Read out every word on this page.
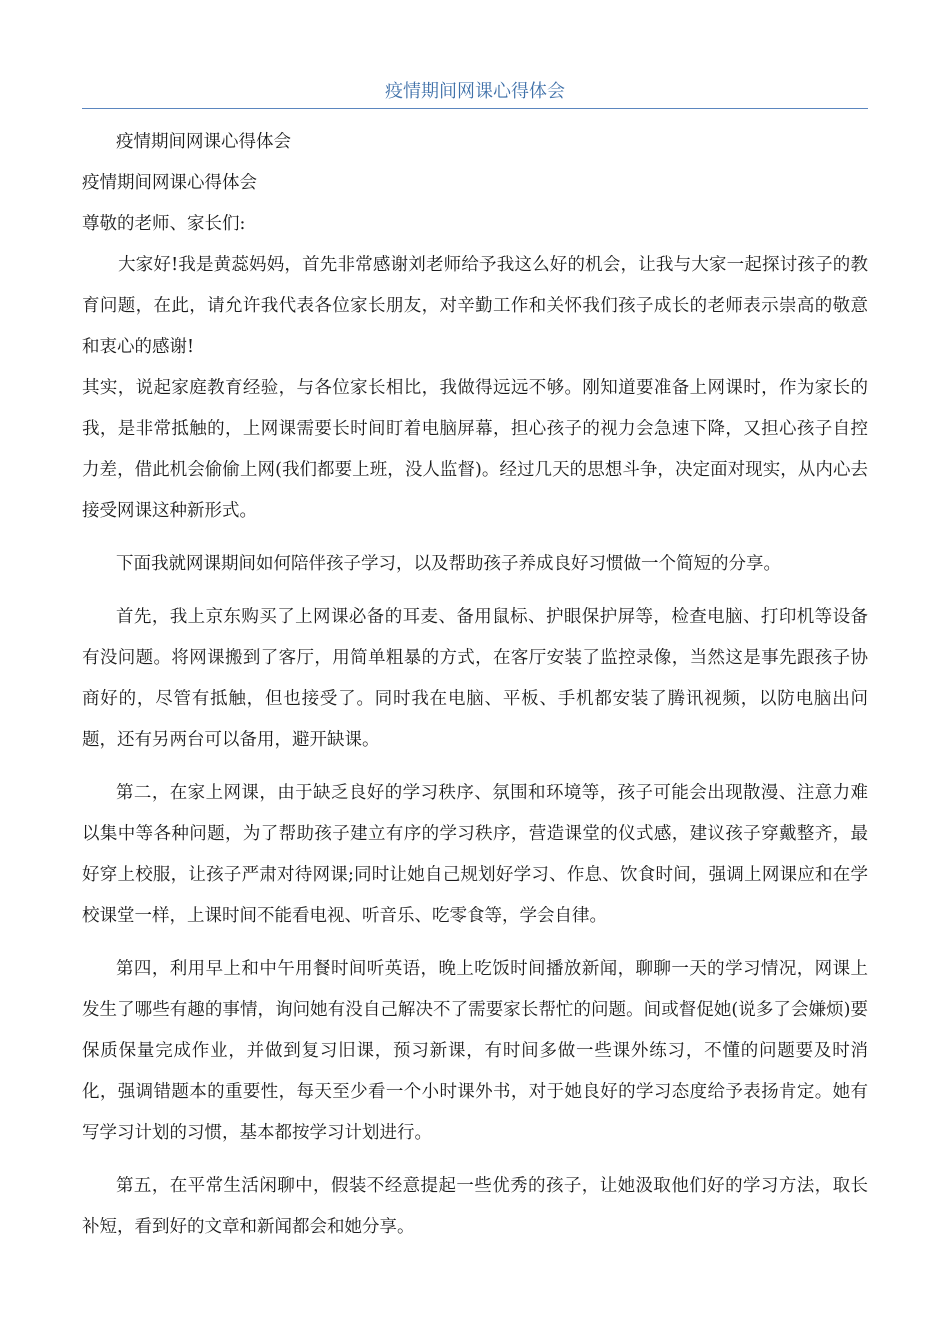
疫情期间网课心得体会

疫情期间网课心得体会

疫情期间网课心得体会

尊敬的老师、家长们:

大家好!我是黄蕊妈妈，首先非常感谢刘老师给予我这么好的机会，让我与大家一起探讨孩子的教育问题，在此，请允许我代表各位家长朋友，对辛勤工作和关怀我们孩子成长的老师表示崇高的敬意和衷心的感谢!

其实，说起家庭教育经验，与各位家长相比，我做得远远不够。刚知道要准备上网课时，作为家长的我，是非常抵触的，上网课需要长时间盯着电脑屏幕，担心孩子的视力会急速下降，又担心孩子自控力差，借此机会偷偷上网(我们都要上班，没人监督)。经过几天的思想斗争，决定面对现实，从内心去接受网课这种新形式。

下面我就网课期间如何陪伴孩子学习，以及帮助孩子养成良好习惯做一个简短的分享。

首先，我上京东购买了上网课必备的耳麦、备用鼠标、护眼保护屏等，检查电脑、打印机等设备有没问题。将网课搬到了客厅，用简单粗暴的方式，在客厅安装了监控录像，当然这是事先跟孩子协商好的，尽管有抵触，但也接受了。同时我在电脑、平板、手机都安装了腾讯视频，以防电脑出问题，还有另两台可以备用，避开缺课。

第二，在家上网课，由于缺乏良好的学习秩序、氛围和环境等，孩子可能会出现散漫、注意力难以集中等各种问题，为了帮助孩子建立有序的学习秩序，营造课堂的仪式感，建议孩子穿戴整齐，最好穿上校服，让孩子严肃对待网课;同时让她自己规划好学习、作息、饮食时间，强调上网课应和在学校课堂一样，上课时间不能看电视、听音乐、吃零食等，学会自律。

第四，利用早上和中午用餐时间听英语，晚上吃饭时间播放新闻，聊聊一天的学习情况，网课上发生了哪些有趣的事情，询问她有没自己解决不了需要家长帮忙的问题。间或督促她(说多了会嫌烦)要保质保量完成作业，并做到复习旧课，预习新课，有时间多做一些课外练习，不懂的问题要及时消化，强调错题本的重要性，每天至少看一个小时课外书，对于她良好的学习态度给予表扬肯定。她有写学习计划的习惯，基本都按学习计划进行。

第五，在平常生活闲聊中，假装不经意提起一些优秀的孩子，让她汲取他们好的学习方法，取长补短，看到好的文章和新闻都会和她分享。
